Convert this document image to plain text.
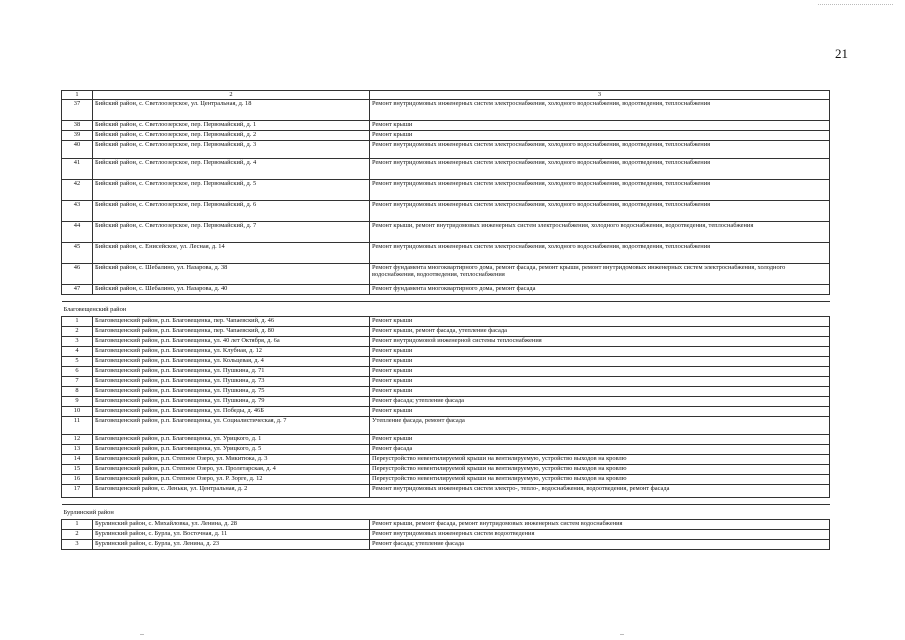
21
1	2	3
37	Бийский район, с. Светлоозерское, ул. Центральная, д. 18	Ремонт внутридомовых инженерных систем электроснабжения, холодного водоснабжения, водоотведения, теплоснабжения
38	Бийский район, с. Светлоозерское, пер. Первомайский, д. 1	Ремонт крыши
39	Бийский район, с. Светлоозерское, пер. Первомайский, д. 2	Ремонт крыши
40	Бийский район, с. Светлоозерское, пер. Первомайский, д. 3	Ремонт внутридомовых инженерных систем электроснабжения, холодного водоснабжения, водоотведения, теплоснабжения
41	Бийский район, с. Светлоозерское, пер. Первомайский, д. 4	Ремонт внутридомовых инженерных систем электроснабжения, холодного водоснабжения, водоотведения, теплоснабжения
42	Бийский район, с. Светлоозерское, пер. Первомайский, д. 5	Ремонт внутридомовых инженерных систем электроснабжения, холодного водоснабжения, водоотведения, теплоснабжения
43	Бийский район, с. Светлоозерское, пер. Первомайский, д. 6	Ремонт внутридомовых инженерных систем электроснабжения, холодного водоснабжения, водоотведения, теплоснабжения
44	Бийский район, с. Светлоозерское, пер. Первомайский, д. 7	Ремонт крыши, ремонт внутридомовых инженерных систем электроснабжения, холодного водоснабжения, водоотведения, теплоснабжения
45	Бийский район, с. Енисейское, ул. Лесная, д. 14	Ремонт внутридомовых инженерных систем электроснабжения, холодного водоснабжения, водоотведения, теплоснабжения
46	Бийский район, с. Шебалино, ул. Назарова, д. 38	Ремонт фундамента многоквартирного дома, ремонт фасада, ремонт крыши, ремонт внутридомовых инженерных систем электроснабжения, холодного водоснабжения, водоотведения, теплоснабжения
47	Бийский район, с. Шебалино, ул. Назарова, д. 40	Ремонт фундамента многоквартирного дома, ремонт фасада

Благовещенский район		
1	Благовещенский район, р.п. Благовещенка, пер. Чапаевский, д. 46	Ремонт крыши
2	Благовещенский район, р.п. Благовещенка, пер. Чапаевский, д. 80	Ремонт крыши, ремонт фасада, утепление фасада
3	Благовещенский район, р.п. Благовещенка, ул. 40 лет Октября, д. 6а	Ремонт внутридомовой инженерной системы теплоснабжения
4	Благовещенский район, р.п. Благовещенка, ул. Клубная, д. 12	Ремонт крыши
5	Благовещенский район, р.п. Благовещенка, ул. Кольцевая, д. 4	Ремонт крыши
6	Благовещенский район, р.п. Благовещенка, ул. Пушкина, д. 71	Ремонт крыши
7	Благовещенский район, р.п. Благовещенка, ул. Пушкина, д. 73	Ремонт крыши
8	Благовещенский район, р.п. Благовещенка, ул. Пушкина, д. 75	Ремонт крыши
9	Благовещенский район, р.п. Благовещенка, ул. Пушкина, д. 79	Ремонт фасада; утепление фасада
10	Благовещенский район, р.п. Благовещенка, ул. Победы, д. 46Б	Ремонт крыши
11	Благовещенский район, р.п. Благовещенка, ул. Социалистическая, д. 7	Утепление фасада, ремонт фасада
12	Благовещенский район, р.п. Благовещенка, ул. Урицкого, д. 1	Ремонт крыши
13	Благовещенский район, р.п. Благовещенка, ул. Урицкого, д. 5	Ремонт фасада
14	Благовещенский район, р.п. Степное Озеро, ул. Микитюка, д. 3	Переустройство невентилируемой крыши на вентилируемую, устройство выходов на кровлю
15	Благовещенский район, р.п. Степное Озеро, ул. Пролетарская, д. 4	Переустройство невентилируемой крыши на вентилируемую, устройство выходов на кровлю
16	Благовещенский район, р.п. Степное Озеро, ул. Р. Зорге, д. 12	Переустройство невентилируемой крыши на вентилируемую, устройство выходов на кровлю
17	Благовещенский район, с. Леньки, ул. Центральная, д. 2	Ремонт внутридомовых инженерных систем электро-, тепло-, водоснабжения, водоотведения, ремонт фасада

Бурлинский район		
1	Бурлинский район, с. Михайловка, ул. Ленина, д. 28	Ремонт крыши, ремонт фасада, ремонт внутридомовых инженерных систем водоснабжения
2	Бурлинский район, с. Бурла, ул. Восточная, д. 11	Ремонт внутридомовых инженерных систем водоотведения
3	Бурлинский район, с. Бурла, ул. Ленина, д. 23	Ремонт фасада; утепление фасада
